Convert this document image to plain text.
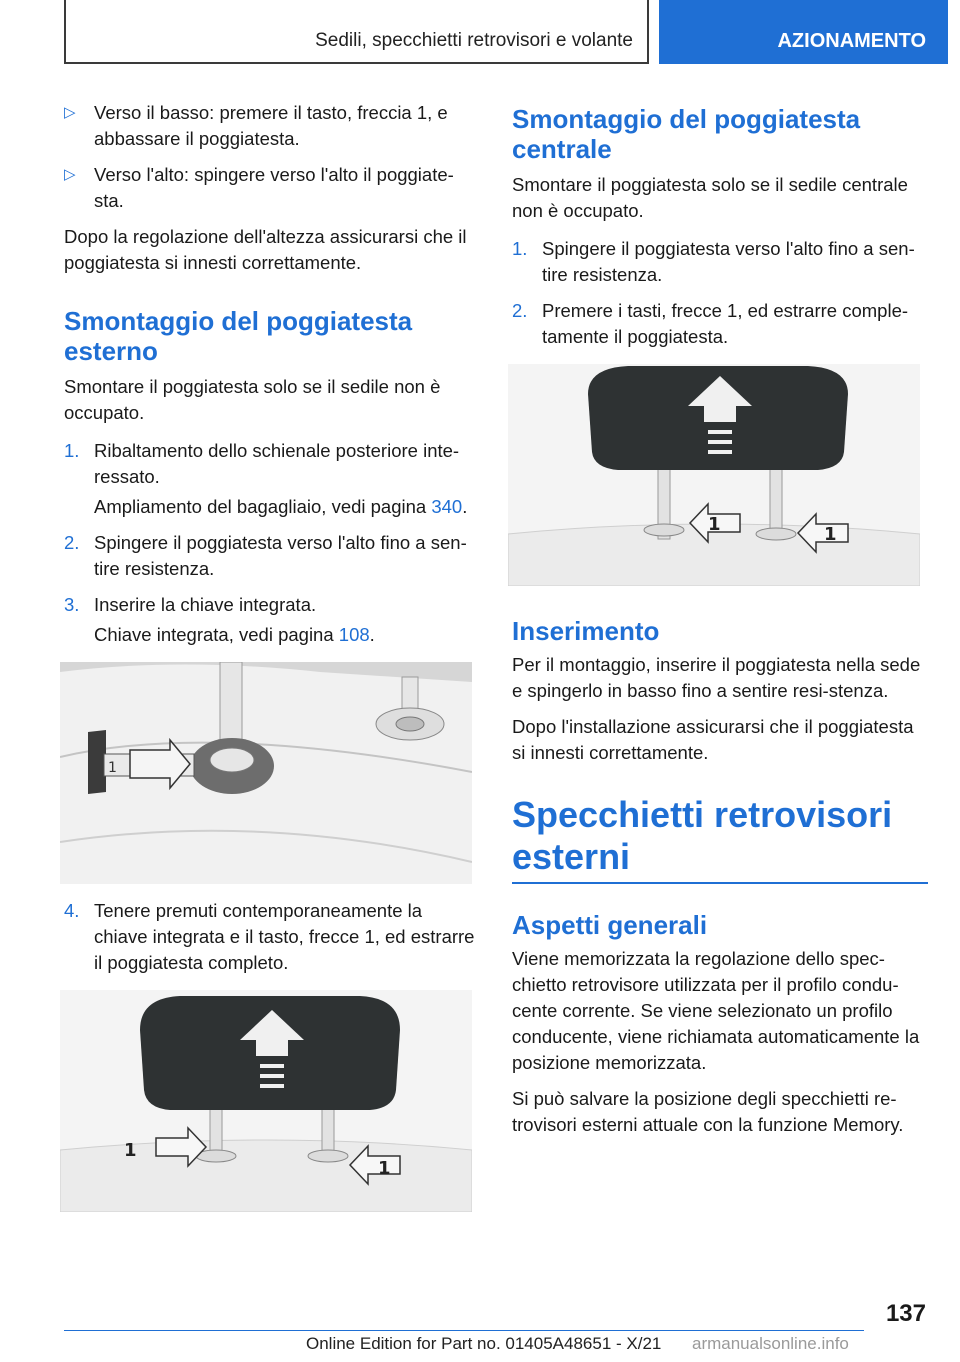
Sedili, specchietti retrovisori e volante	AZIONAMENTO
▷ Verso il basso: premere il tasto, freccia 1, e abbassare il poggiatesta.
▷ Verso l'alto: spingere verso l'alto il poggiate-sta.

Dopo la regolazione dell'altezza assicurarsi che il poggiatesta si innesti correttamente.

Smontaggio del poggiatesta esterno

Smontare il poggiatesta solo se il sedile non è occupato.

1. Ribaltamento dello schienale posteriore inte-ressato.

Ampliamento del bagagliaio, vedi pagina 340.

2. Spingere il poggiatesta verso l'alto fino a sen-tire resistenza.
3. Inserire la chiave integrata.

Chiave integrata, vedi pagina 108.

1
4. Tenere premuti contemporaneamente la chiave integrata e il tasto, frecce 1, ed estrarre il poggiatesta completo.
1
1
Smontaggio del poggiatesta centrale

Smontare il poggiatesta solo se il sedile centrale non è occupato.

1. Spingere il poggiatesta verso l'alto fino a sen-tire resistenza.
2. Premere i tasti, frecce 1, ed estrarre comple-tamente il poggiatesta.
1	1
Inserimento

Per il montaggio, inserire il poggiatesta nella sede e spingerlo in basso fino a sentire resi-stenza.

Dopo l'installazione assicurarsi che il poggiatesta si innesti correttamente.

Specchietti retrovisori esterni
Aspetti generali

Viene memorizzata la regolazione dello spec-chietto retrovisore utilizzata per il profilo condu-cente corrente. Se viene selezionato un profilo conducente, viene richiamata automaticamente la posizione memorizzata.

Si può salvare la posizione degli specchietti re-trovisori esterni attuale con la funzione Memory.

137
Online Edition for Part no. 01405A48651 - X/21 armanualsonline.info
